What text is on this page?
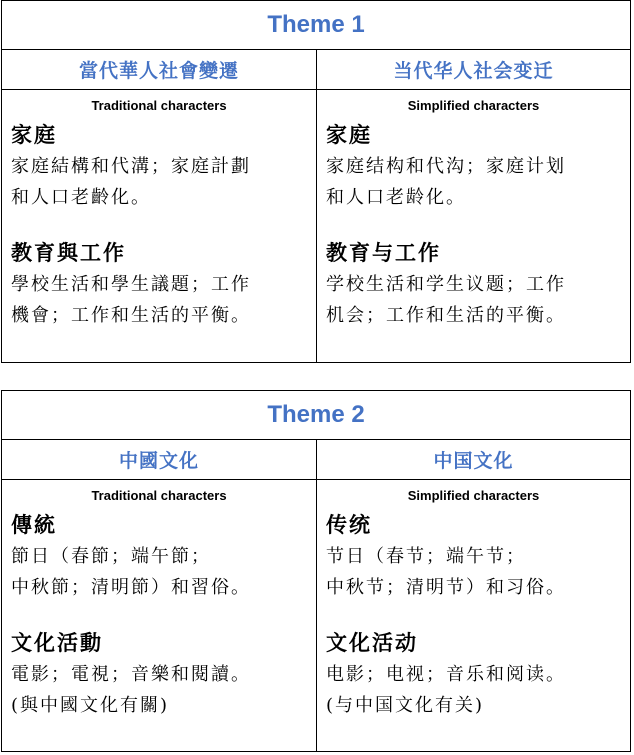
Theme 1
當代華人社會變遷
Traditional characters
家庭
家庭結構和代溝；家庭計劃
和人口老齡化。
教育與工作
學校生活和學生議題；工作
機會；工作和生活的平衡。
当代华人社会变迁
Simplified characters
家庭
家庭结构和代沟；家庭计划
和人口老龄化。
教育与工作
学校生活和学生议题；工作
机会；工作和生活的平衡。
Theme 2
中國文化
Traditional characters
傳統
節日（春節；端午節；
中秋節；清明節）和習俗。
文化活動
電影；電視；音樂和閱讀。
(與中國文化有關)
中国文化
Simplified characters
传统
节日（春节；端午节；
中秋节；清明节）和习俗。
文化活动
电影；电视；音乐和阅读。
(与中国文化有关)
